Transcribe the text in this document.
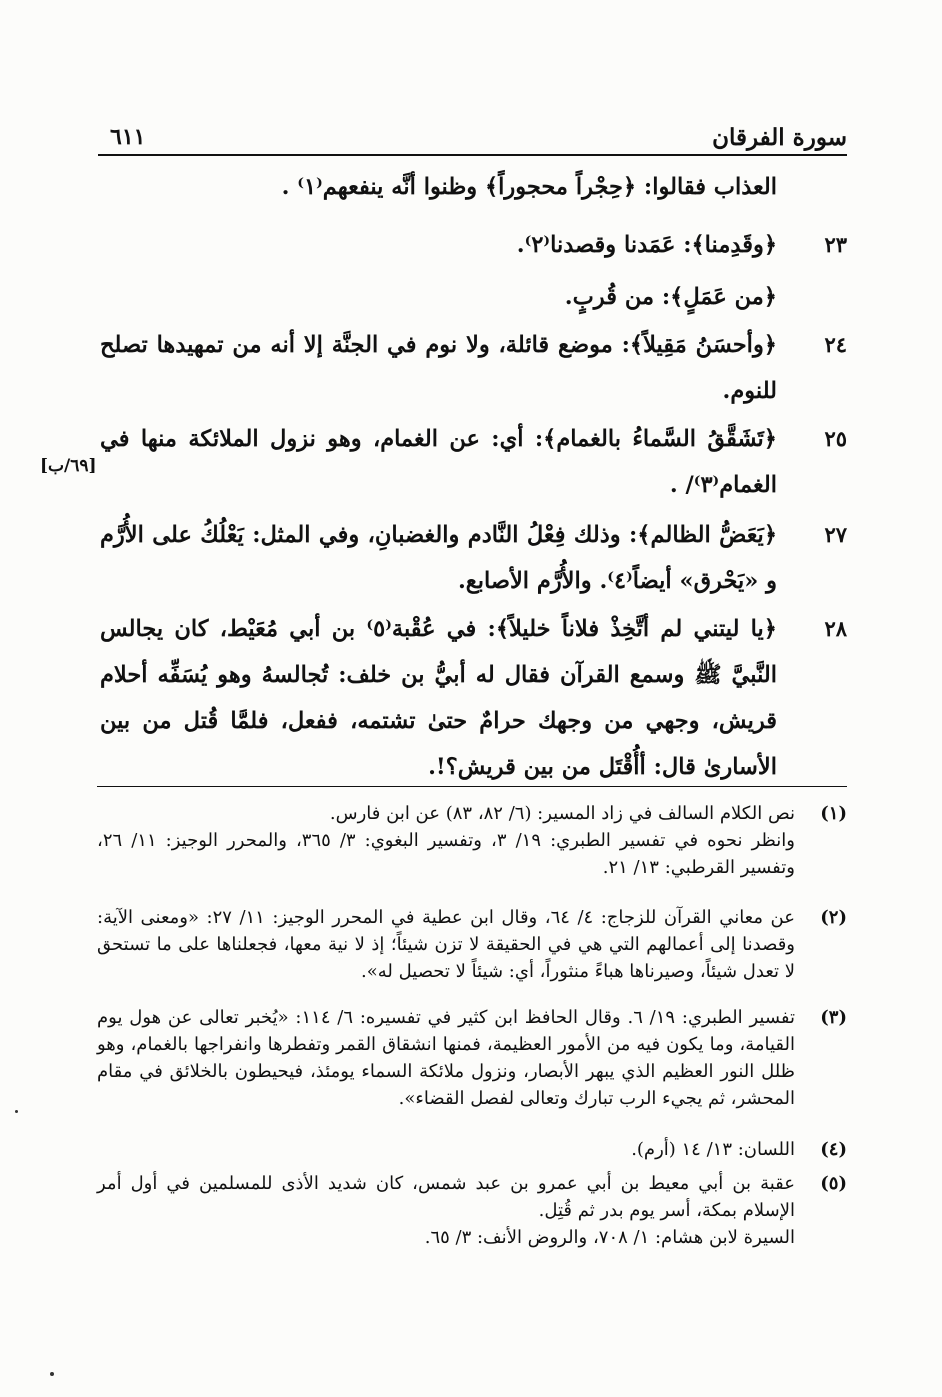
سورة الفرقان
٦١١
العذاب فقالوا: ﴿حِجْراً محجوراً﴾ وظنوا أنَّه ينفعهم⁽١⁾ .
٢٣
﴿وقَدِمنا﴾: عَمَدنا وقصدنا⁽٢⁾.
﴿من عَمَلٍ﴾: من قُربٍ.
٢٤
﴿وأحسَنُ مَقِيلاً﴾: موضع قائلة، ولا نوم في الجنَّة إلا أنه من تمهيدها تصلح للنوم.
٢٥
﴿تَشَقَّقُ السَّماءُ بالغمام﴾: أي: عن الغمام، وهو نزول الملائكة منها في الغمام⁽٣⁾/ .
[٦٩/ب]
٢٧
﴿يَعَضُّ الظالم﴾: وذلك فِعْلُ النَّادم والغضبانِ، وفي المثل: يَعْلُكُ على الأُرَّم و «يَحْرق» أيضاً⁽٤⁾. والأُرَّم الأصابع.
٢٨
﴿يا ليتني لم أتَّخِذْ فلاناً خليلاً﴾: في عُقْبة⁽٥⁾ بن أبي مُعَيْط، كان يجالس النَّبيَّ ﷺ وسمع القرآن فقال له أبيُّ بن خلف: تُجالسهُ وهو يُسَفِّه أحلام قريش، وجهي من وجهك حرامٌ حتىٰ تشتمه، ففعل، فلمَّا قُتل من بين الأسارىٰ قال: أأُقْتَل من بين قريش؟!.
(١)

نص الكلام السالف في زاد المسير: (٦/ ٨٢، ٨٣) عن ابن فارس.

وانظر نحوه في تفسير الطبري: ١٩/ ٣، وتفسير البغوي: ٣/ ٣٦٥، والمحرر الوجيز: ١١/ ٢٦، وتفسير القرطبي: ١٣/ ٢١.

(٢)

عن معاني القرآن للزجاج: ٤/ ٦٤، وقال ابن عطية في المحرر الوجيز: ١١/ ٢٧: «ومعنى الآية: وقصدنا إلى أعمالهم التي هي في الحقيقة لا تزن شيئاً؛ إذ لا نية معها، فجعلناها على ما تستحق لا تعدل شيئاً، وصيرناها هباءً منثوراً، أي: شيئاً لا تحصيل له».

(٣)

تفسير الطبري: ١٩/ ٦. وقال الحافظ ابن كثير في تفسيره: ٦/ ١١٤: «يُخبر تعالى عن هول يوم القيامة، وما يكون فيه من الأمور العظيمة، فمنها انشقاق القمر وتفطرها وانفراجها بالغمام، وهو ظلل النور العظيم الذي يبهر الأبصار، ونزول ملائكة السماء يومئذ، فيحيطون بالخلائق في مقام المحشر، ثم يجيء الرب تبارك وتعالى لفصل القضاء».

(٤)

اللسان: ١٣/ ١٤ (أرم).

(٥)

عقبة بن أبي معيط بن أبي عمرو بن عبد شمس، كان شديد الأذى للمسلمين في أول أمر الإسلام بمكة، أسر يوم بدر ثم قُتِل.

السيرة لابن هشام: ١/ ٧٠٨، والروض الأنف: ٣/ ٦٥.
